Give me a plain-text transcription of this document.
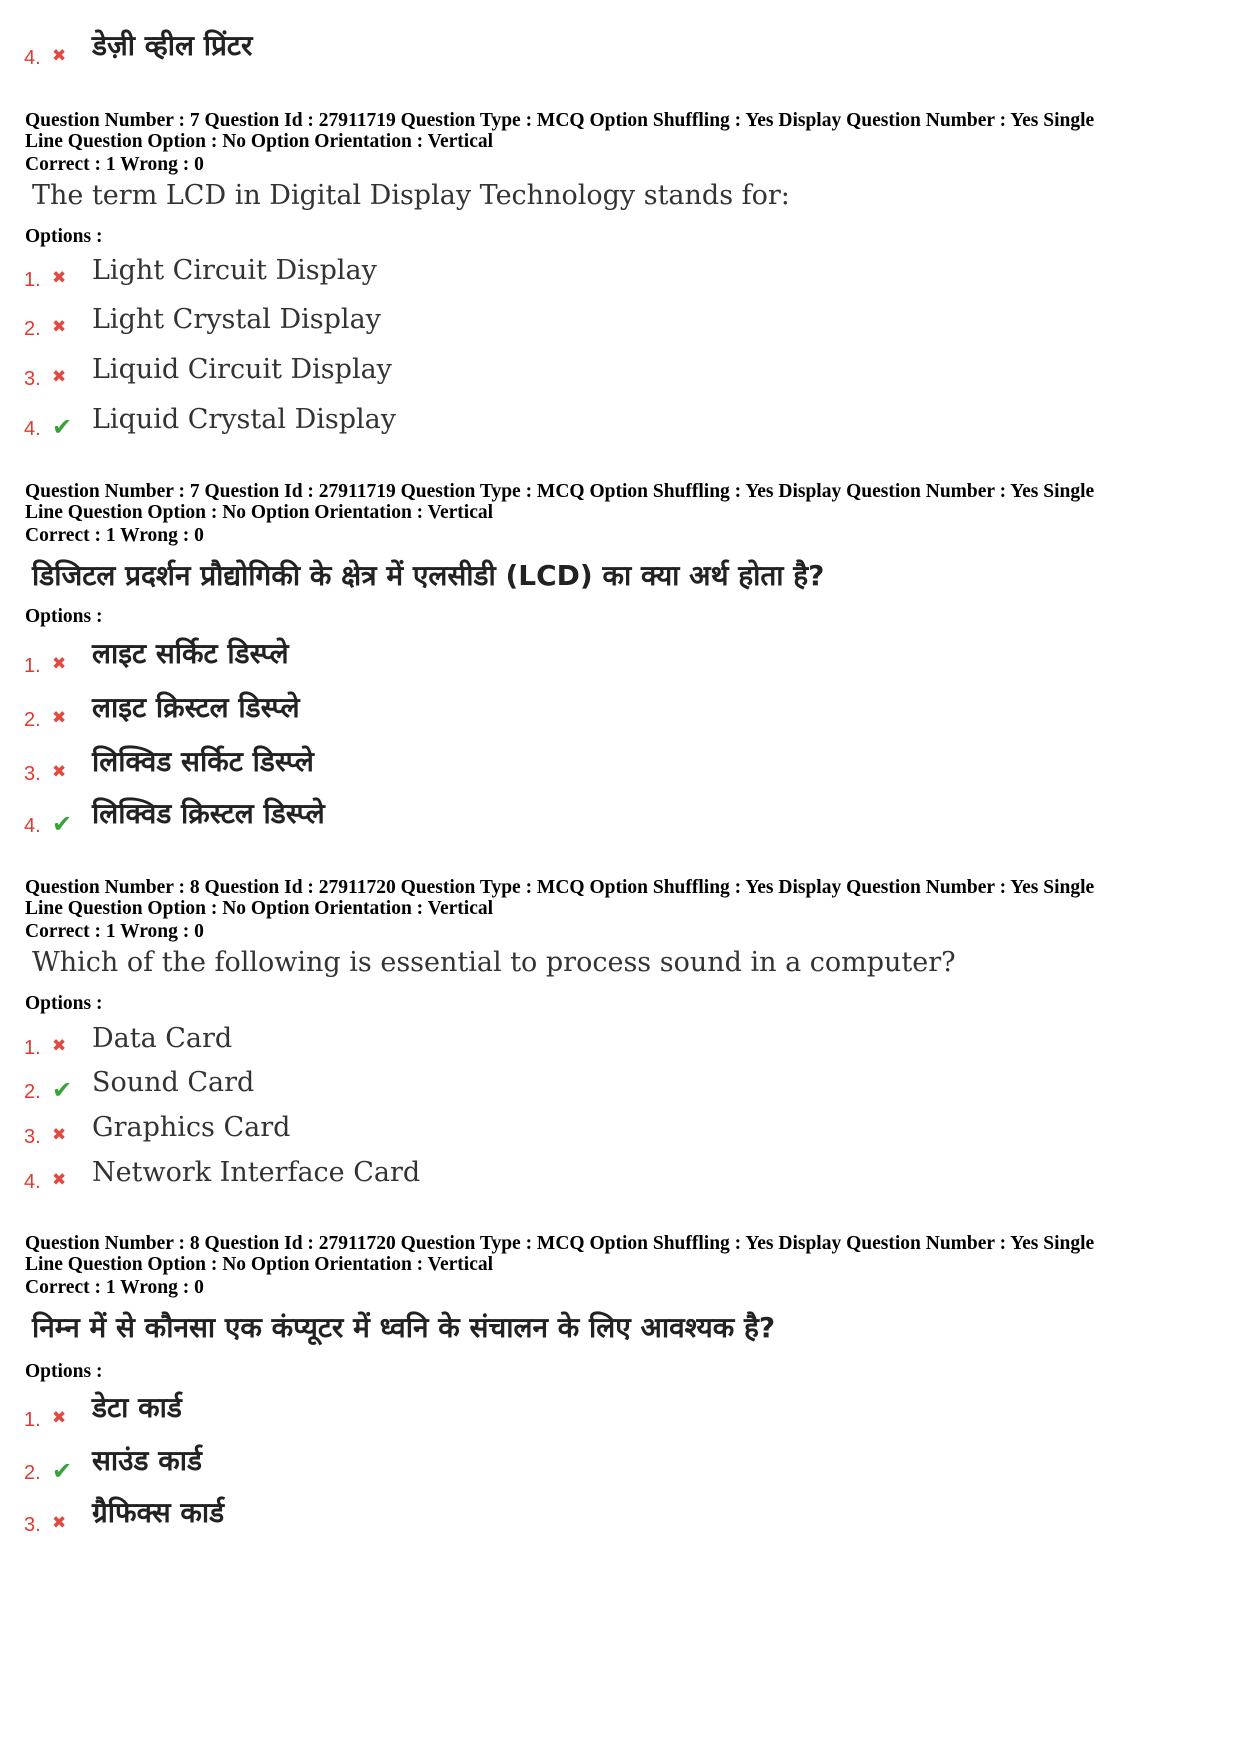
4. ✖ डेज़ी व्हील प्रिंटर
Question Number : 7 Question Id : 27911719 Question Type : MCQ Option Shuffling : Yes Display Question Number : Yes Single
Line Question Option : No Option Orientation : Vertical
Correct : 1 Wrong : 0
The term LCD in Digital Display Technology stands for:
Options :
1. ✖ Light Circuit Display
2. ✖ Light Crystal Display
3. ✖ Liquid Circuit Display
4. ✔ Liquid Crystal Display
Question Number : 7 Question Id : 27911719 Question Type : MCQ Option Shuffling : Yes Display Question Number : Yes Single
Line Question Option : No Option Orientation : Vertical
Correct : 1 Wrong : 0
डिजिटल प्रदर्शन प्रौद्योगिकी के क्षेत्र में एलसीडी (LCD) का क्या अर्थ होता है?
Options :
1. ✖ लाइट सर्किट डिस्प्ले
2. ✖ लाइट क्रिस्टल डिस्प्ले
3. ✖ लिक्विड सर्किट डिस्प्ले
4. ✔ लिक्विड क्रिस्टल डिस्प्ले
Question Number : 8 Question Id : 27911720 Question Type : MCQ Option Shuffling : Yes Display Question Number : Yes Single
Line Question Option : No Option Orientation : Vertical
Correct : 1 Wrong : 0
Which of the following is essential to process sound in a computer?
Options :
1. ✖ Data Card
2. ✔ Sound Card
3. ✖ Graphics Card
4. ✖ Network Interface Card
Question Number : 8 Question Id : 27911720 Question Type : MCQ Option Shuffling : Yes Display Question Number : Yes Single
Line Question Option : No Option Orientation : Vertical
Correct : 1 Wrong : 0
निम्न में से कौनसा एक कंप्यूटर में ध्वनि के संचालन के लिए आवश्यक है?
Options :
1. ✖ डेटा कार्ड
2. ✔ साउंड कार्ड
3. ✖ ग्रैफिक्स कार्ड
